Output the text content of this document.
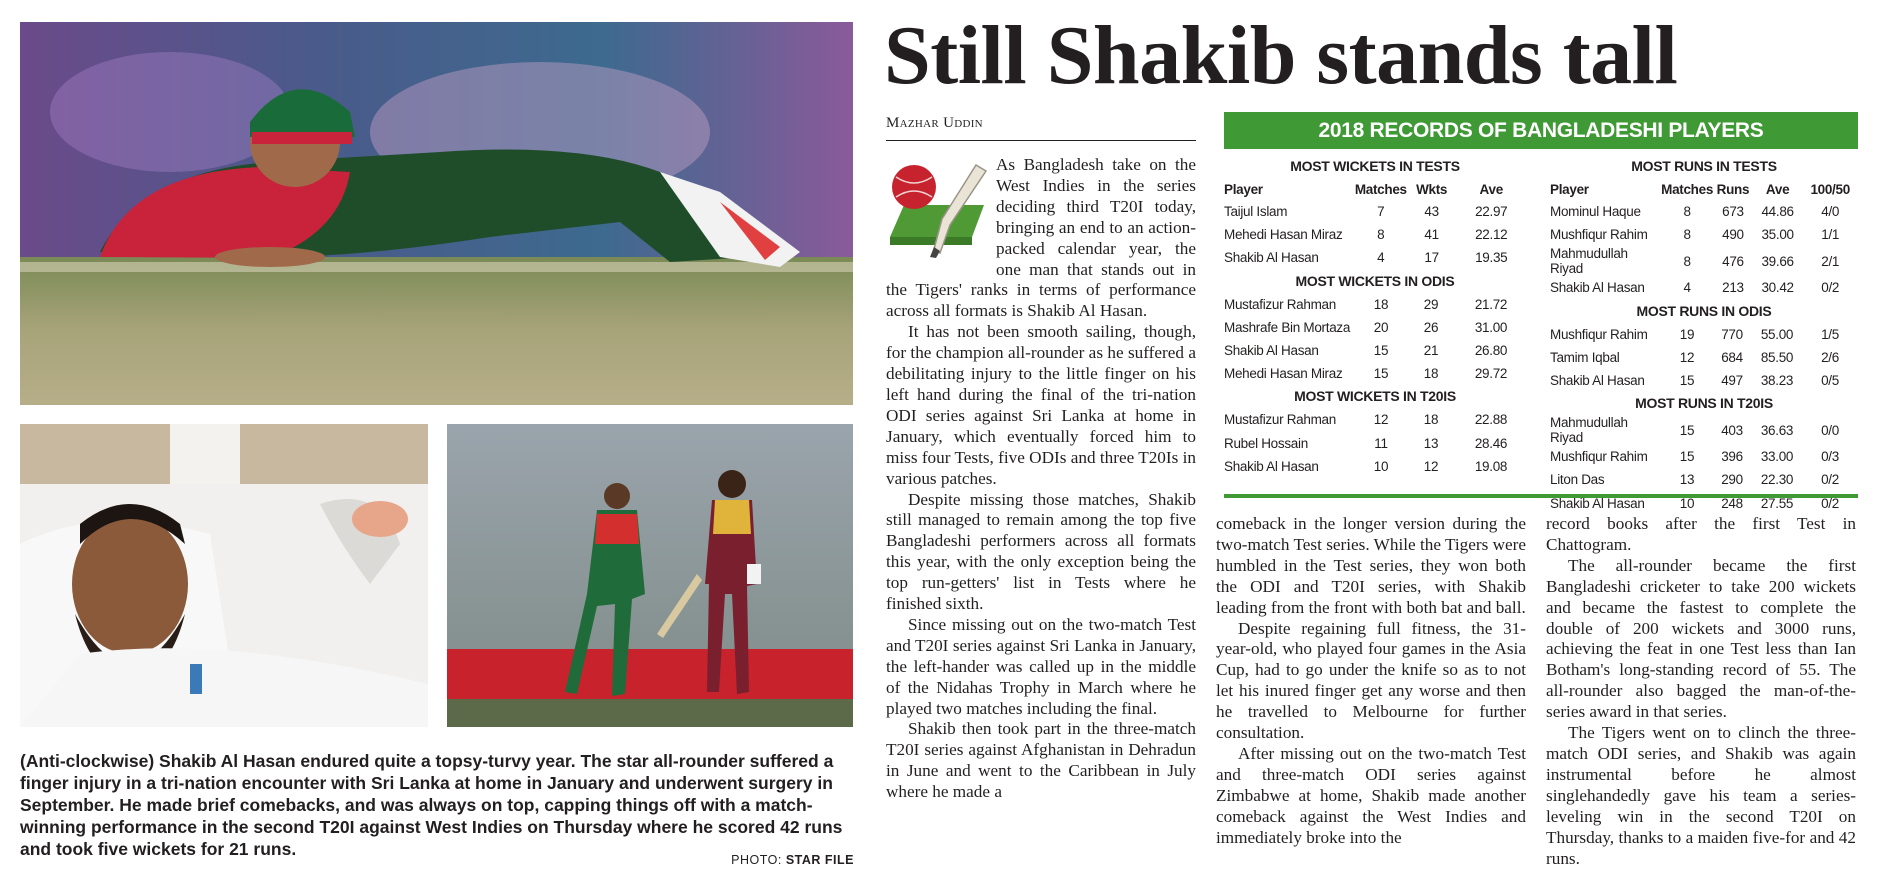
(Anti-clockwise) Shakib Al Hasan endured quite a topsy-turvy year. The star all-rounder suffered a finger injury in a tri-nation encounter with Sri Lanka at home in January and underwent surgery in September. He made brief comebacks, and was always on top, capping things off with a match-winning performance in the second T20I against West Indies on Thursday where he scored 42 runs and took five wickets for 21 runs.
PHOTO: STAR FILE
Still Shakib stands tall
Mazhar Uddin

As Bangladesh take on the West Indies in the series deciding third T20I today, bringing an end to an action-packed calendar year, the one man that stands out in the Tigers' ranks in terms of performance across all formats is Shakib Al Hasan.

It has not been smooth sailing, though, for the champion all-rounder as he suffered a debilitating injury to the little finger on his left hand during the final of the tri-nation ODI series against Sri Lanka at home in January, which eventually forced him to miss four Tests, five ODIs and three T20Is in various patches.

Despite missing those matches, Shakib still managed to remain among the top five Bangladeshi performers across all formats this year, with the only exception being the top run-getters' list in Tests where he finished sixth.

Since missing out on the two-match Test and T20I series against Sri Lanka in January, the left-hander was called up in the middle of the Nidahas Trophy in March where he played two matches including the final.

Shakib then took part in the three-match T20I series against Afghanistan in Dehradun in June and went to the Caribbean in July where he made a

comeback in the longer version during the two-match Test series. While the Tigers were humbled in the Test series, they won both the ODI and T20I series, with Shakib leading from the front with both bat and ball.

Despite regaining full fitness, the 31-year-old, who played four games in the Asia Cup, had to go under the knife so as to not let his inured finger get any worse and then he travelled to Melbourne for further consultation.

After missing out on the two-match Test and three-match ODI series against Zimbabwe at home, Shakib made another comeback against the West Indies and immediately broke into the

record books after the first Test in Chattogram.

The all-rounder became the first Bangladeshi cricketer to take 200 wickets and became the fastest to complete the double of 200 wickets and 3000 runs, achieving the feat in one Test less than Ian Botham's long-standing record of 55. The all-rounder also bagged the man-of-the-series award in that series.

The Tigers went on to clinch the three-match ODI series, and Shakib was again instrumental before he almost singlehandedly gave his team a series-leveling win in the second T20I on Thursday, thanks to a maiden five-for and 42 runs.

2018 RECORDS OF BANGLADESHI PLAYERS
MOST WICKETS IN TESTS
Player	Matches	Wkts	Ave
Taijul Islam	7	43	22.97
Mehedi Hasan Miraz	8	41	22.12
Shakib Al Hasan	4	17	19.35
MOST WICKETS IN ODIS
Mustafizur Rahman	18	29	21.72
Mashrafe Bin Mortaza	20	26	31.00
Shakib Al Hasan	15	21	26.80
Mehedi Hasan Miraz	15	18	29.72
MOST WICKETS IN T20IS
Mustafizur Rahman	12	18	22.88
Rubel Hossain	11	13	28.46
Shakib Al Hasan	10	12	19.08
MOST RUNS IN TESTS
Player	Matches	Runs	Ave	100/50
Mominul Haque	8	673	44.86	4/0
Mushfiqur Rahim	8	490	35.00	1/1
Mahmudullah Riyad	8	476	39.66	2/1
Shakib Al Hasan	4	213	30.42	0/2
MOST RUNS IN ODIS
Mushfiqur Rahim	19	770	55.00	1/5
Tamim Iqbal	12	684	85.50	2/6
Shakib Al Hasan	15	497	38.23	0/5
MOST RUNS IN T20IS
Mahmudullah Riyad	15	403	36.63	0/0
Mushfiqur Rahim	15	396	33.00	0/3
Liton Das	13	290	22.30	0/2
Shakib Al Hasan	10	248	27.55	0/2
